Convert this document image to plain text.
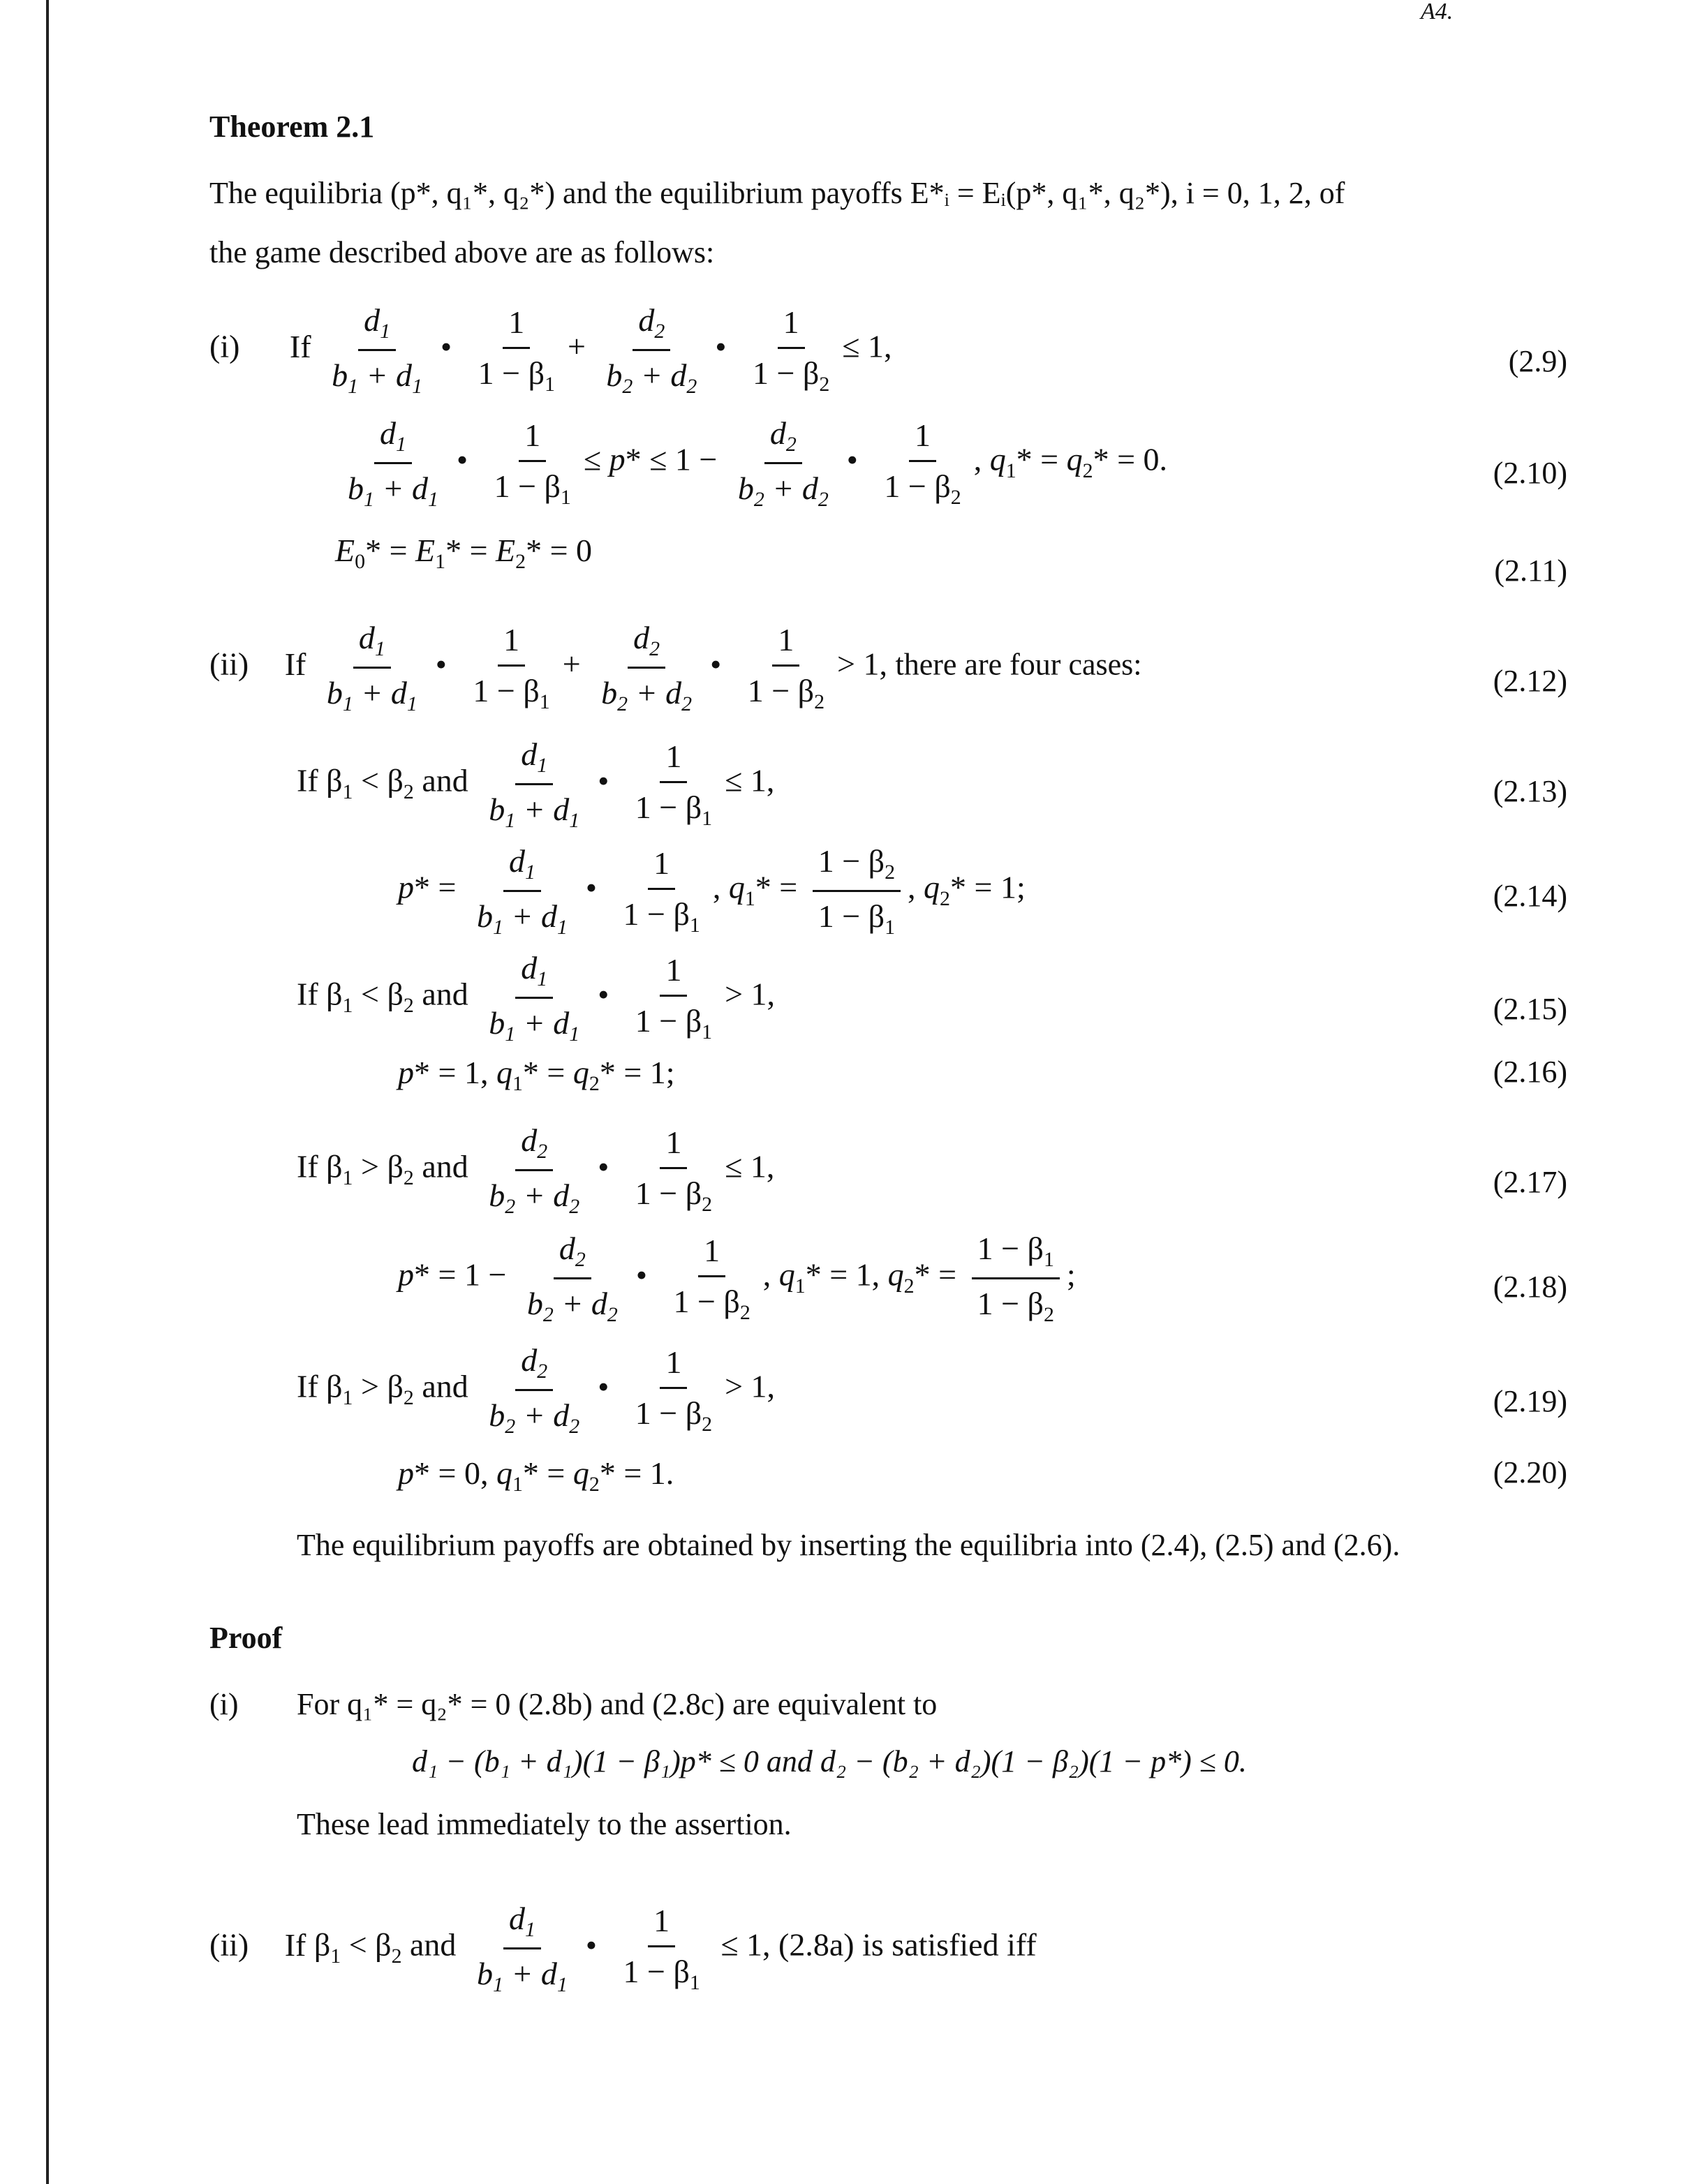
A4.
Theorem 2.1
The equilibria (p*, q₁*, q₂*) and the equilibrium payoffs E*ᵢ = Eᵢ(p*, q₁*, q₂*), i = 0, 1, 2, of
the game described above are as follows:
(i) If $\frac{d_1}{b_1 + d_1}$ • $\frac{1}{1 - \beta_1} + \frac{d_2}{b_2 + d_2}$ • $\frac{1}{1 - \beta_2} \le 1$,	(2.9)
$\frac{d_1}{b_1 + d_1}$ • $\frac{1}{1 - \beta_1} \le p* \le 1 - \frac{d_2}{b_2 + d_2}$ • $\frac{1}{1 - \beta_2}$ , $q_1* = q_2* = 0$.	(2.10)
$E_0* = E_1* = E_2* = 0$
(2.11)
(ii) If $\frac{d_1}{b_1 + d_1}$ • $\frac{1}{1 - \beta_1} + \frac{d_2}{b_2 + d_2}$ • $\frac{1}{1 - \beta_2} > 1$, there are four cases:	(2.12)
If $\beta_1 < \beta_2$ and $\frac{d_1}{b_1 + d_1}$ • $\frac{1}{1 - \beta_1} \le 1$,	(2.13)
$p* = \frac{d_1}{b_1 + d_1}$ • $\frac{1}{1 - \beta_1}$ , $q_1* = \frac{1 - \beta_2}{1 - \beta_1}$ , $q_2* = 1$;	(2.14)
If $\beta_1 < \beta_2$ and $\frac{d_1}{b_1 + d_1}$ • $\frac{1}{1 - \beta_1} > 1$,	(2.15)
p* = 1, $q_1* = q_2* = 1$;	(2.16)
If $\beta_1 > \beta_2$ and $\frac{d_2}{b_2 + d_2}$ • $\frac{1}{1 - \beta_2} \le 1$,	(2.17)
$p* = 1 - \frac{d_2}{b_2 + d_2}$ • $\frac{1}{1 - \beta_2}$ , $q_1* = 1$, $q_2* = \frac{1 - \beta_1}{1 - \beta_2}$ ;	(2.18)
If $\beta_1 > \beta_2$ and $\frac{d_2}{b_2 + d_2}$ • $\frac{1}{1 - \beta_2} > 1$,	(2.19)
p* = 0, $q_1* = q_2* = 1$.	(2.20)
The equilibrium payoffs are obtained by inserting the equilibria into (2.4), (2.5) and (2.6).
Proof
(i) For q₁* = q₂* = 0 (2.8b) and (2.8c) are equivalent to
d₁ − (b₁ + d₁)(1 − β₁)p* ≤ 0 and d₂ − (b₂ + d₂)(1 − β₂)(1 − p*) ≤ 0.
These lead immediately to the assertion.
(ii) If $\beta_1 < \beta_2$ and $\frac{d_1}{b_1 + d_1}$ • $\frac{1}{1 - \beta_1} \le 1$, (2.8a) is satisfied iff
